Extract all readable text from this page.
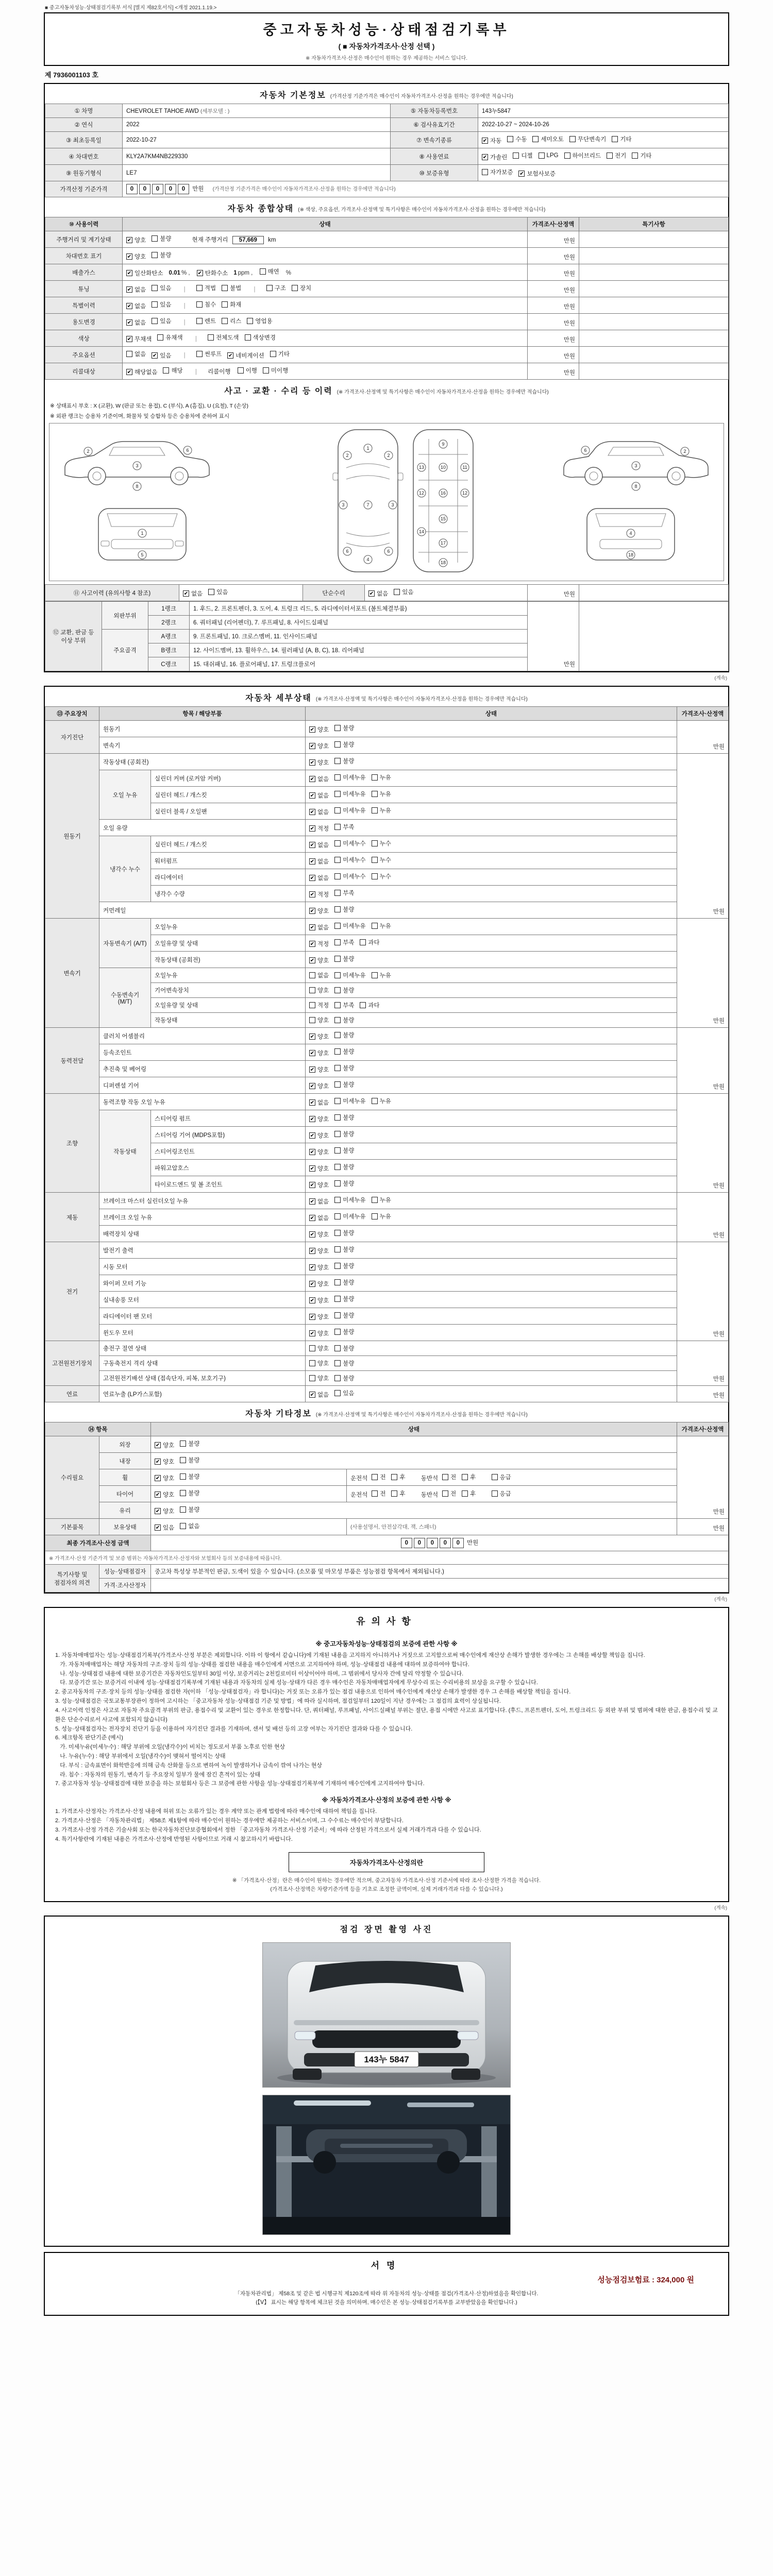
■ 중고자동차성능·상태점검기록부 서식 [별지 제82호서식] <개정 2021.1.19.>
중고자동차성능·상태점검기록부
( ■ 자동차가격조사·산정 선택 )
※ 자동차가격조사·산정은 매수인이 원하는 경우 제공하는 서비스 입니다.
제 7936001103 호
자동차 기본정보 (가격산정 기준가격은 매수인이 자동차가격조사·산정을 원하는 경우에만 적습니다)
① 차명	CHEVROLET TAHOE AWD (세부모델 : )	⑤ 자동차등록번호	143누5847
② 연식	2022	⑥ 검사유효기간	2022-10-27 ~ 2024-10-26
③ 최초등록일	2022-10-27	⑦ 변속기종류	✔ 자동 수동 세미오토 무단변속기 기타

④ 차대번호	KLY2A7KM4NB229330	⑧ 사용연료	✔ 가솔린 디젤 LPG 하이브리드 전기 기타

⑨ 원동기형식	LE7	⑩ 보증유형	자가보증 ✔ 보험사보증

가격산정 기준가격	0 0 0 0 0 만원 (가격산정 기준가격은 매수인이 자동차가격조사·산정을 원하는 경우에만 적습니다)		
자동차 종합상태 (※ 색상, 주요옵션, 가격조사·산정액 및 특기사항은 매수인이 자동차가격조사·산정을 원하는 경우에만 적습니다)
⑩ 사용이력	상태	가격조사·산정액	특기사항
주행거리 및 계기상태	✔ 양호 불량 현재 주행거리 57,669 km	만원	
차대번호 표기	✔ 양호 불량	만원	
배출가스	✔ 일산화탄소 0.01 % , ✔ 탄화수소 1 ppm ,	매연 %	만원	
튜닝	✔ 없음 있음 |	적법 불법 |	구조 장치	만원	
특별이력	✔ 없음 있음 |	침수 화재	만원	
용도변경	✔ 없음 있음 |	렌트 리스 영업용	만원	
색상	✔ 무채색 유채색 |	전체도색 색상변경	만원	
주요옵션	없음 ✔ 있음 |	썬루프 ✔ 네비게이션 기타	만원	
리콜대상	✔ 해당없음 해당 | 리콜이행	이행 미이행	만원	
사고 · 교환 · 수리 등 이력 (※ 가격조사·산정액 및 특기사항은 매수인이 자동차가격조사·산정을 원하는 경우에만 적습니다)
※ 상태표시 부호 : X (교환), W (판금 또는 용접), C (부식), A (흠집), U (요철), T (손상)
※ 외판 랭크는 승용차 기준이며, 화물차 및 승합차 등은 승용차에 준하여 표시
3
2	6
8
3
2
6
8
1
5
4
18
1
7
4
2	2
3	3
6	6
9
10
13	11
12	16	12
15
14
17
18
⑪ 사고이력 (유의사항 4 참조)	✔ 없음 있음	단순수리	✔ 없음 있음	만원	
⑫ 교환, 판금 등 이상 부위	외판부위	1랭크	1. 후드, 2. 프론트펜더, 3. 도어, 4. 트렁크 리드, 5. 라디에이터서포트 (볼트체결부품)	만원	
		2랭크	6. 쿼터패널 (리어펜더), 7. 루프패널, 8. 사이드실패널		
	주요골격	A랭크	9. 프론트패널, 10. 크로스멤버, 11. 인사이드패널		
		B랭크	12. 사이드멤버, 13. 휠하우스, 14. 필러패널 (A, B, C), 18. 리어패널		
		C랭크	15. 대쉬패널, 16. 플로어패널, 17. 트렁크플로어		
(계속)
자동차 세부상태 (※ 가격조사·산정액 및 특기사항은 매수인이 자동차가격조사·산정을 원하는 경우에만 적습니다)
⑬ 주요장치	항목 / 해당부품		상태	가격조사·산정액
자기진단	원동기		✔ 양호 불량	만원
	변속기		✔ 양호 불량	

원동기	작동상태 (공회전)		✔ 양호 불량	만원
	오일 누유	실린더 커버 (로커암 커버)	✔ 없음 미세누유 누유	

		실린더 헤드 / 개스킷	✔ 없음 미세누유 누유	

		실린더 블록 / 오일팬	✔ 없음 미세누유 누유	

	오일 유량		✔ 적정 부족	

	냉각수 누수	실린더 헤드 / 개스킷	✔ 없음 미세누수 누수	

		워터펌프	✔ 없음 미세누수 누수	

		라디에이터	✔ 없음 미세누수 누수	

		냉각수 수량	✔ 적정 부족	

	커먼레일		✔ 양호 불량	

변속기	자동변속기 (A/T)	오일누유	✔ 없음 미세누유 누유	만원
		오일유량 및 상태	✔ 적정 부족 과다	

		작동상태 (공회전)	✔ 양호 불량	

	수동변속기 (M/T)	오일누유	없음 미세누유 누유	

		기어변속장치	양호 불량	

		오일유량 및 상태	적정 부족 과다	

		작동상태	양호 불량	

동력전달	클러치 어셈블리		✔ 양호 불량	만원
	등속조인트		✔ 양호 불량	

	추진축 및 베어링		✔ 양호 불량	

	디퍼렌셜 기어		✔ 양호 불량	

조향	동력조향 작동 오일 누유		✔ 없음 미세누유 누유	만원
	작동상태	스티어링 펌프	✔ 양호 불량	

		스티어링 기어 (MDPS포함)	✔ 양호 불량	

		스티어링조인트	✔ 양호 불량	

		파워고압호스	✔ 양호 불량	

		타이로드엔드 및 볼 조인트	✔ 양호 불량	

제동	브레이크 마스터 실린더오일 누유		✔ 없음 미세누유 누유	만원
	브레이크 오일 누유		✔ 없음 미세누유 누유	

	배력장치 상태		✔ 양호 불량	

전기	발전기 출력		✔ 양호 불량	만원
	시동 모터		✔ 양호 불량	

	와이퍼 모터 기능		✔ 양호 불량	

	실내송풍 모터		✔ 양호 불량	

	라디에이터 팬 모터		✔ 양호 불량	

	윈도우 모터		✔ 양호 불량	

고전원전기장치	충전구 절연 상태		양호 불량	만원
	구동축전지 격리 상태		양호 불량	

	고전원전기배선 상태 (접속단자, 피복, 보호기구)		양호 불량	

연료	연료누출 (LP가스포함)		✔ 없음 있음	만원
자동차 기타정보 (※ 가격조사·산정액 및 특기사항은 매수인이 자동차가격조사·산정을 원하는 경우에만 적습니다)
⑭ 항목		상태		가격조사·산정액
수리필요	외장	✔ 양호 불량		만원
	내장	✔ 양호 불량		

휠	✔ 양호 불량	운전석 전 후	동반석 전 후
	응급

타이어	✔ 양호 불량	운전석 전 후	동반석 전 후
	응급

	유리	✔ 양호 불량		

기본품목	보유상태	✔ 있음 없음	(사용설명서, 안전삼각대, 잭, 스패너)	만원
최종 가격조사·산정 금액		0 0 0 0 0 만원		
※ 가격조사·산정 기준가격 및 보증 범위는 자동차가격조사·산정자와 보험회사 등의 보증내용에 따릅니다.				
특기사항 및 점검자의 의견	성능·상태점검자	중고차 특성상 부분적인 판금, 도색이 있을 수 있습니다. (소모품 및 마모성 부품은 성능점검 항목에서 제외됩니다.)		
	가격·조사산정자			
(계속)
유의사항
※ 중고자동차성능·상태점검의 보증에 관한 사항 ※
1. 자동차매매업자는 성능·상태점검기록부(가격조사·산정 부분은 제외합니다. 이하 이 항에서 같습니다)에 기재된 내용을 고지하지 아니하거나 거짓으로 고지함으로써 매수인에게 재산상 손해가 발생한 경우에는 그 손해를 배상할 책임을 집니다.
가. 자동차매매업자는 해당 자동차의 구조·장치 등의 성능·상태를 점검한 내용을 매수인에게 서면으로 고지하여야 하며, 성능·상태점검 내용에 대하여 보증하여야 합니다.
나. 성능·상태점검 내용에 대한 보증기간은 자동차인도일부터 30일 이상, 보증거리는 2천킬로미터 이상이어야 하며, 그 범위에서 당사자 간에 달리 약정할 수 있습니다.
다. 보증기간 또는 보증거리 이내에 성능·상태점검기록부에 기재된 내용과 자동차의 실제 성능·상태가 다른 경우 매수인은 자동차매매업자에게 무상수리 또는 수리비용의 보상을 요구할 수 있습니다.
2. 중고자동차의 구조·장치 등의 성능·상태를 점검한 자(이하 「성능·상태점검자」라 합니다)는 거짓 또는 오류가 있는 점검 내용으로 인하여 매수인에게 재산상 손해가 발생한 경우 그 손해를 배상할 책임을 집니다.
3. 성능·상태점검은 국토교통부장관이 정하여 고시하는 「중고자동차 성능·상태점검 기준 및 방법」에 따라 실시하며, 점검일부터 120일이 지난 경우에는 그 점검의 효력이 상실됩니다.
4. 사고이력 인정은 사고로 자동차 주요골격 부위의 판금, 용접수리 및 교환이 있는 경우로 한정합니다. 단, 쿼터패널, 루프패널, 사이드실패널 부위는 절단, 용접 시에만 사고로 표기합니다. (후드, 프론트펜더, 도어, 트렁크리드 등 외판 부위 및 범퍼에 대한 판금, 용접수리 및 교환은 단순수리로서 사고에 포함되지 않습니다)
5. 성능·상태점검자는 전자장치 진단기 등을 이용하여 자기진단 결과를 기재하며, 센서 및 배선 등의 고장 여부는 자기진단 결과와 다를 수 있습니다.
6. 체크항목 판단기준 (예시)
가. 미세누유(미세누수) : 해당 부위에 오일(냉각수)이 비치는 정도로서 부품 노후로 인한 현상
나. 누유(누수) : 해당 부위에서 오일(냉각수)이 맺혀서 떨어지는 상태
다. 부식 : 금속표면이 화학반응에 의해 금속 산화물 등으로 변하여 녹이 발생하거나 금속이 깎여 나가는 현상
라. 침수 : 자동차의 원동기, 변속기 등 주요장치 일부가 물에 잠긴 흔적이 있는 상태
7. 중고자동차 성능·상태점검에 대한 보증을 하는 보험회사 등은 그 보증에 관한 사항을 성능·상태점검기록부에 기재하여 매수인에게 고지하여야 합니다.
※ 자동차가격조사·산정의 보증에 관한 사항 ※
1. 가격조사·산정자는 가격조사·산정 내용에 허위 또는 오류가 있는 경우 계약 또는 관계 법령에 따라 매수인에 대하여 책임을 집니다.
2. 가격조사·산정은 「자동차관리법」 제58조 제1항에 따라 매수인이 원하는 경우에만 제공하는 서비스이며, 그 수수료는 매수인이 부담합니다.
3. 가격조사·산정 가격은 기술사회 또는 한국자동차진단보증협회에서 정한 「중고자동차 가격조사·산정 기준서」에 따라 산정된 가격으로서 실제 거래가격과 다를 수 있습니다.
4. 특기사항란에 기재된 내용은 가격조사·산정에 반영된 사항이므로 거래 시 참고하시기 바랍니다.
자동차가격조사·산정의란
※ 「가격조사·산정」란은 매수인이 원하는 경우에만 적으며, 중고자동차 가격조사·산정 기준서에 따라 조사·산정한 가격을 적습니다.
(가격조사·산정액은 차량기준가액 등을 기초로 조정한 금액이며, 실제 거래가격과 다를 수 있습니다.)
(계속)
점검 장면 촬영 사진
143누 5847

서명
성능점검보험료 : 324,000 원
「자동차관리법」 제58조 및 같은 법 시행규칙 제120조에 따라 위 자동차의 성능·상태를 점검(가격조사·산정)하였음을 확인합니다.
(【Ⅴ】 표시는 해당 항목에 체크된 것을 의미하며, 매수인은 본 성능·상태점검기록부를 교부받았음을 확인합니다.)
